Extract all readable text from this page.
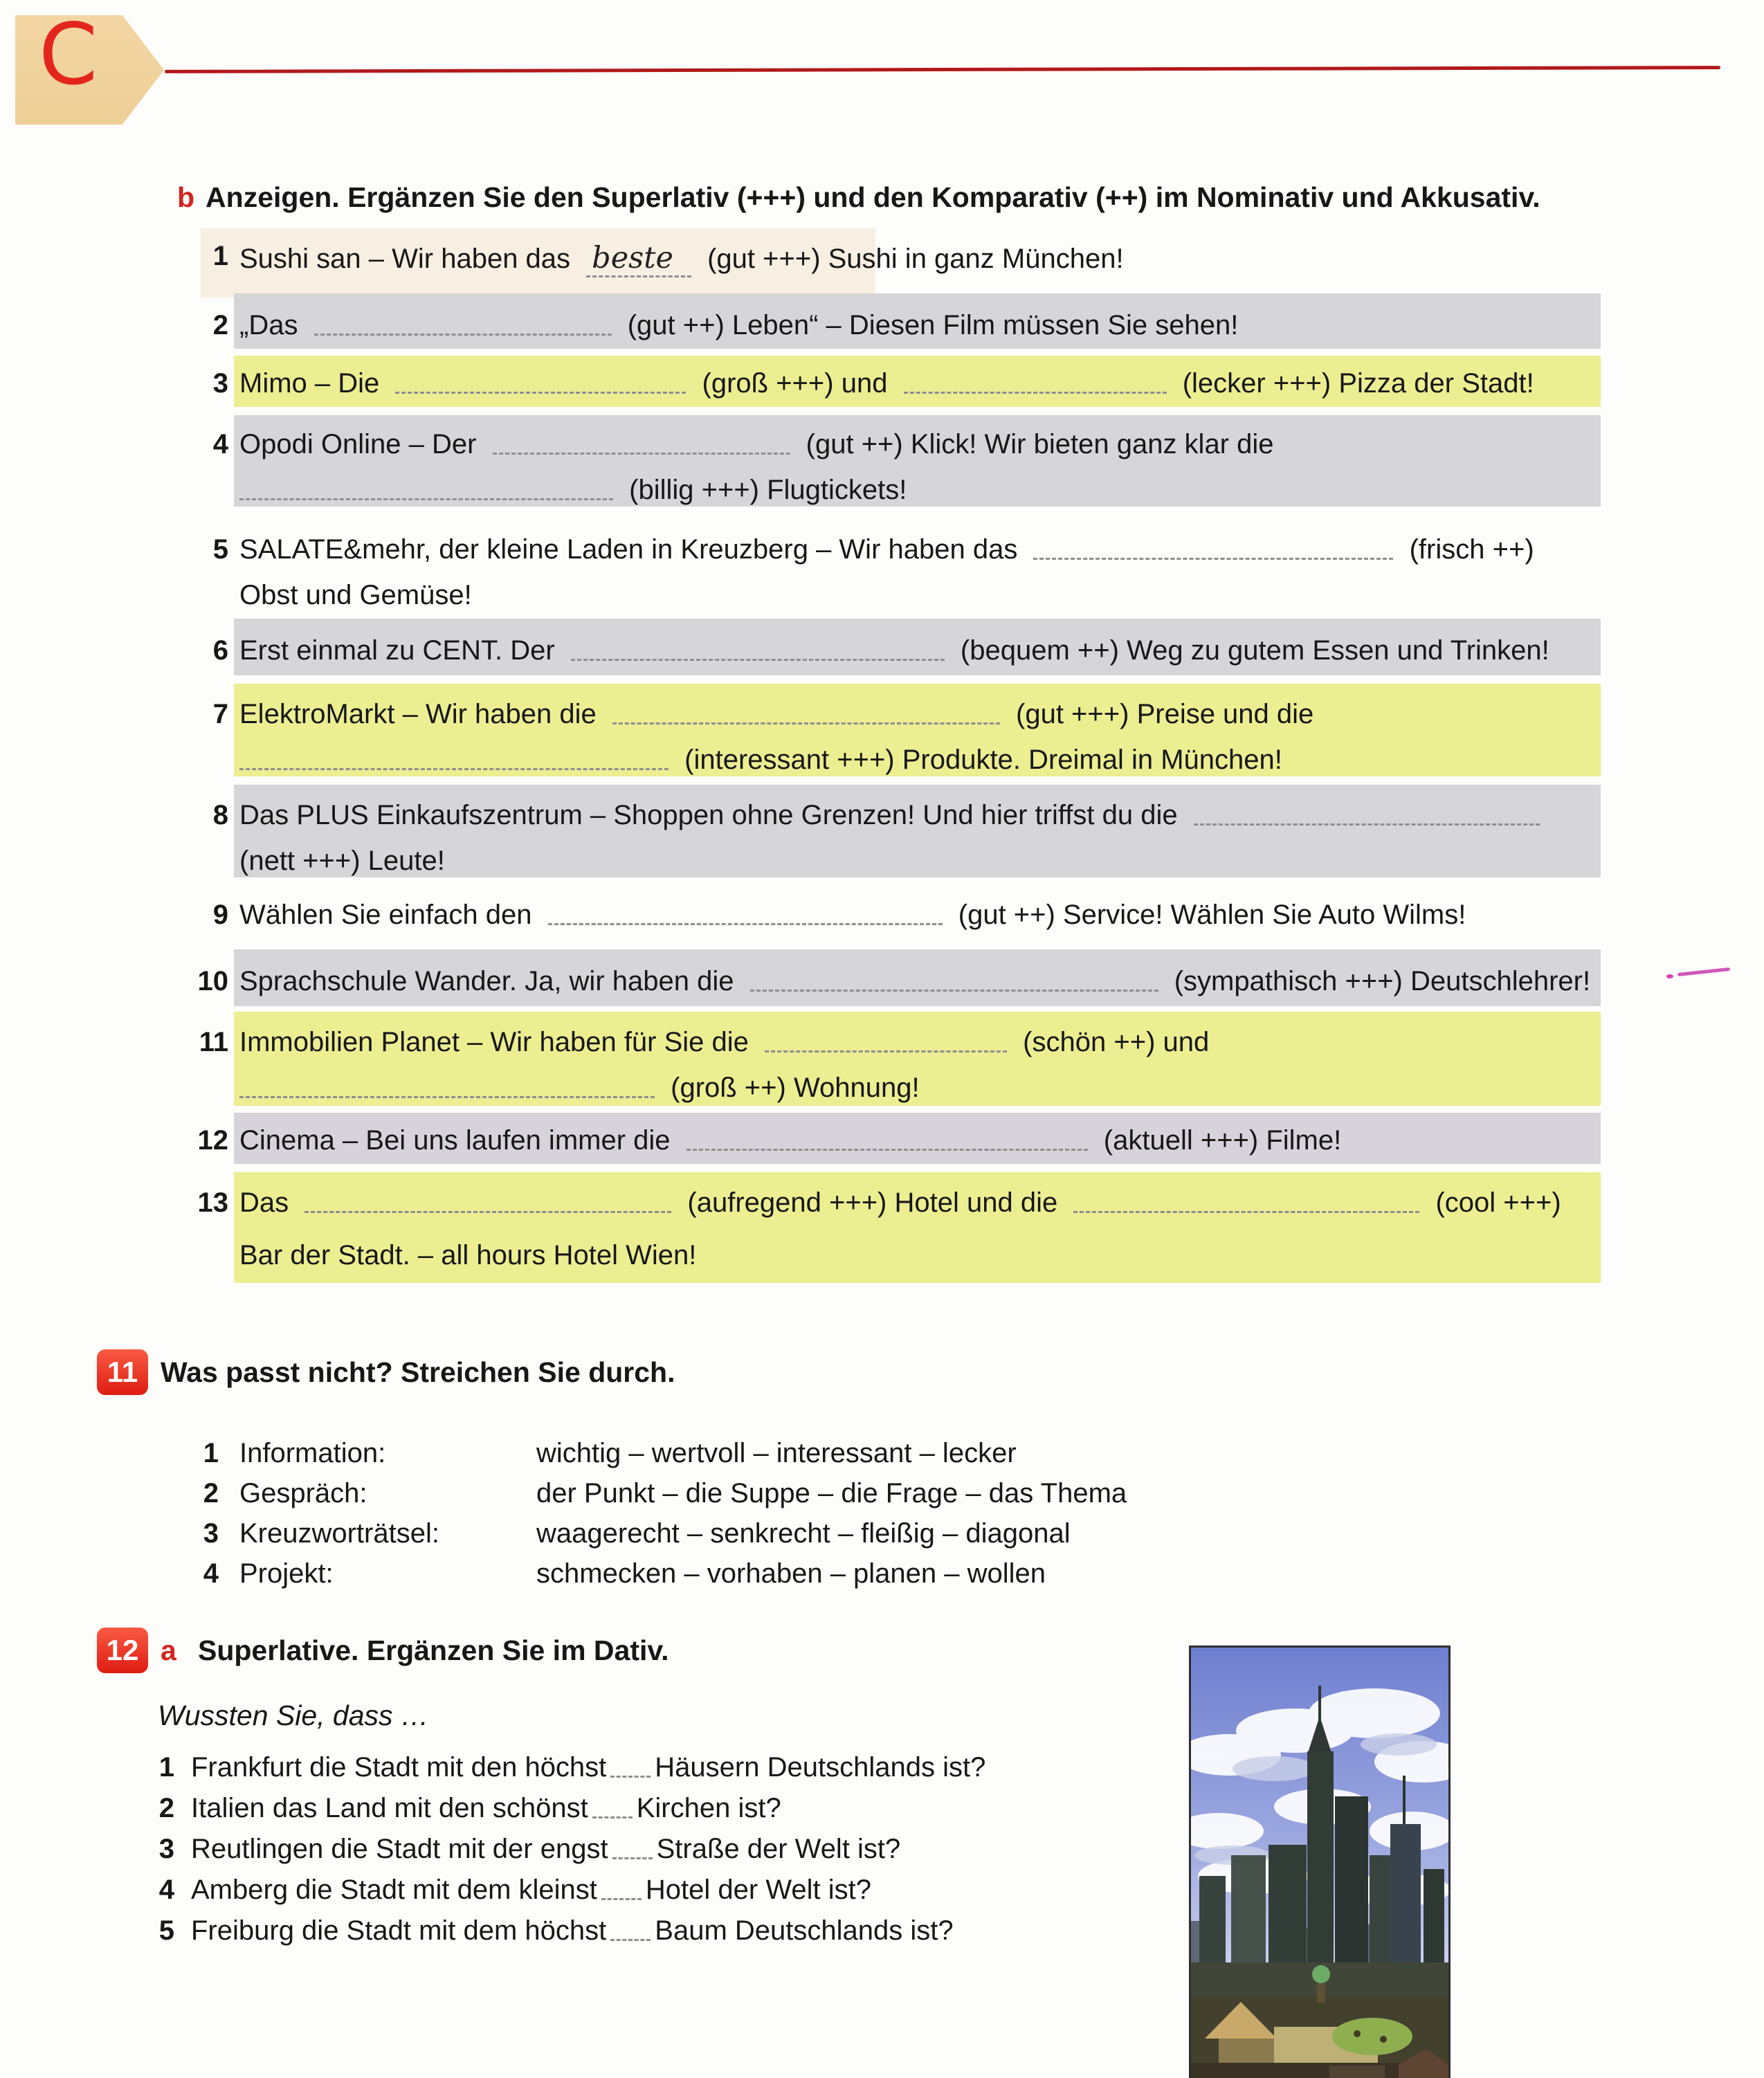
C
b Anzeigen. Ergänzen Sie den Superlativ (+++) und den Komparativ (++) im Nominativ und Akkusativ.
1 Sushi san – Wir haben das beste (gut +++) Sushi in ganz München!
2 „Das	(gut ++) Leben“ – Diesen Film müssen Sie sehen!
3 Mimo – Die	(groß +++) und	(lecker +++) Pizza der Stadt!
4 Opodi Online – Der	(gut ++) Klick! Wir bieten ganz klar die
(billig +++) Flugtickets!
5 SALATE&mehr, der kleine Laden in Kreuzberg – Wir haben das	(frisch ++)
Obst und Gemüse!
6 Erst einmal zu CENT. Der	(bequem ++) Weg zu gutem Essen und Trinken!
7 ElektroMarkt – Wir haben die	(gut +++) Preise und die
(interessant +++) Produkte. Dreimal in München!
8 Das PLUS Einkaufszentrum – Shoppen ohne Grenzen! Und hier triffst du die
(nett +++) Leute!
9 Wählen Sie einfach den	(gut ++) Service! Wählen Sie Auto Wilms!
10 Sprachschule Wander. Ja, wir haben die	(sympathisch +++) Deutschlehrer!
11 Immobilien Planet – Wir haben für Sie die	(schön ++) und
(groß ++) Wohnung!
12 Cinema – Bei uns laufen immer die	(aktuell +++) Filme!
13 Das	(aufregend +++) Hotel und die	(cool +++)
Bar der Stadt. – all hours Hotel Wien!
11 Was passt nicht? Streichen Sie durch.
1 Information:	wichtig – wertvoll – interessant – lecker
2 Gespräch:	der Punkt – die Suppe – die Frage – das Thema
3 Kreuzworträtsel:	waagerecht – senkrecht – fleißig – diagonal
4 Projekt:	schmecken – vorhaben – planen – wollen
12 a Superlative. Ergänzen Sie im Dativ.
Wussten Sie, dass …
1 Frankfurt die Stadt mit den höchst Häusern Deutschlands ist?
2 Italien das Land mit den schönst Kirchen ist?
3 Reutlingen die Stadt mit der engst Straße der Welt ist?
4 Amberg die Stadt mit dem kleinst Hotel der Welt ist?
5 Freiburg die Stadt mit dem höchst Baum Deutschlands ist?
